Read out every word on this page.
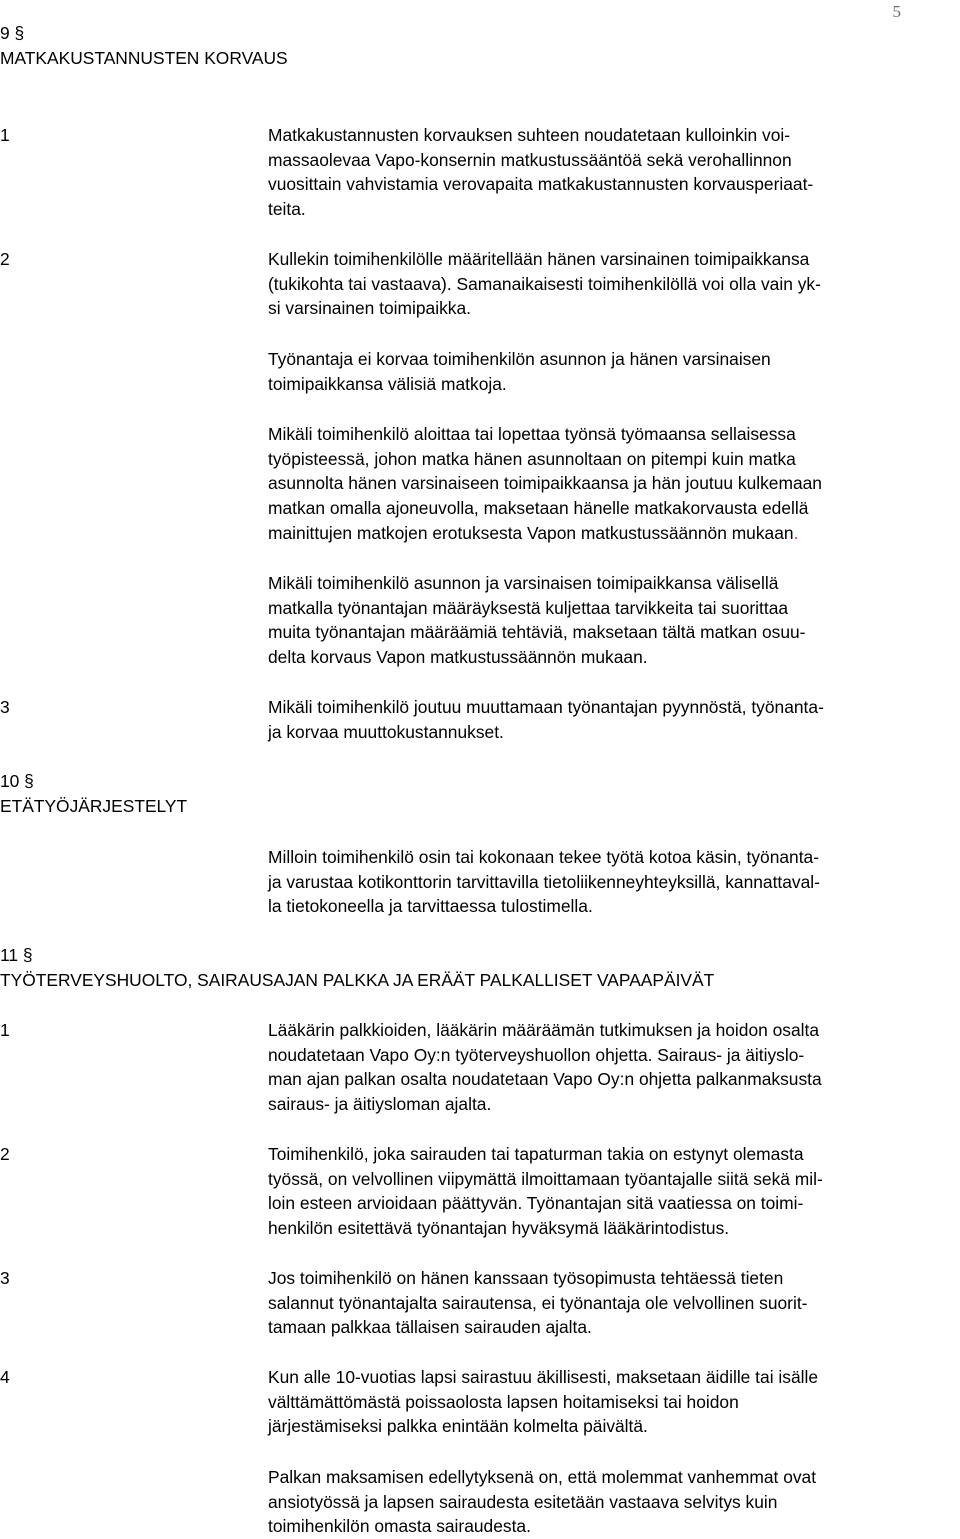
5
9 §
MATKAKUSTANNUSTEN KORVAUS
1	Matkakustannusten korvauksen suhteen noudatetaan kulloinkin voi-
massaolevaa Vapo-konsernin matkustussääntöä sekä verohallinnon
vuosittain vahvistamia verovapaita matkakustannusten korvausperiaat-
teita.
2	Kullekin toimihenkilölle määritellään hänen varsinainen toimipaikkansa
(tukikohta tai vastaava). Samanaikaisesti toimihenkilöllä voi olla vain yk-
si varsinainen toimipaikka.
Työnantaja ei korvaa toimihenkilön asunnon ja hänen varsinaisen
toimipaikkansa välisiä matkoja.
Mikäli toimihenkilö aloittaa tai lopettaa työnsä työmaansa sellaisessa
työpisteessä, johon matka hänen asunnoltaan on pitempi kuin matka
asunnolta hänen varsinaiseen toimipaikkaansa ja hän joutuu kulkemaan
matkan omalla ajoneuvolla, maksetaan hänelle matkakorvausta edellä
mainittujen matkojen erotuksesta Vapon matkustussäännön mukaan.
Mikäli toimihenkilö asunnon ja varsinaisen toimipaikkansa välisellä
matkalla työnantajan määräyksestä kuljettaa tarvikkeita tai suorittaa
muita työnantajan määräämiä tehtäviä, maksetaan tältä matkan osuu-
delta korvaus Vapon matkustussäännön mukaan.
3	Mikäli toimihenkilö joutuu muuttamaan työnantajan pyynnöstä, työnanta-
ja korvaa muuttokustannukset.
10 §
ETÄTYÖJÄRJESTELYT
Milloin toimihenkilö osin tai kokonaan tekee työtä kotoa käsin, työnanta-
ja varustaa kotikonttorin tarvittavilla tietoliikenneyhteyksillä, kannattaval-
la tietokoneella ja tarvittaessa tulostimella.
11 §
TYÖTERVEYSHUOLTO, SAIRAUSAJAN PALKKA JA ERÄÄT PALKALLISET VAPAAPÄIVÄT
1	Lääkärin palkkioiden, lääkärin määräämän tutkimuksen ja hoidon osalta
noudatetaan Vapo Oy:n työterveyshuollon ohjetta. Sairaus- ja äitiyslo-
man ajan palkan osalta noudatetaan Vapo Oy:n ohjetta palkanmaksusta
sairaus- ja äitiysloman ajalta.
2	Toimihenkilö, joka sairauden tai tapaturman takia on estynyt olemasta
työssä, on velvollinen viipymättä ilmoittamaan työantajalle siitä sekä mil-
loin esteen arvioidaan päättyvän. Työnantajan sitä vaatiessa on toimi-
henkilön esitettävä työnantajan hyväksymä lääkärintodistus.
3	Jos toimihenkilö on hänen kanssaan työsopimusta tehtäessä tieten
salannut työnantajalta sairautensa, ei työnantaja ole velvollinen suorit-
tamaan palkkaa tällaisen sairauden ajalta.
4	Kun alle 10-vuotias lapsi sairastuu äkillisesti, maksetaan äidille tai isälle
välttämättömästä poissaolosta lapsen hoitamiseksi tai hoidon
järjestämiseksi palkka enintään kolmelta päivältä.
Palkan maksamisen edellytyksenä on, että molemmat vanhemmat ovat
ansiotyössä ja lapsen sairaudesta esitetään vastaava selvitys kuin
toimihenkilön omasta sairaudesta.
